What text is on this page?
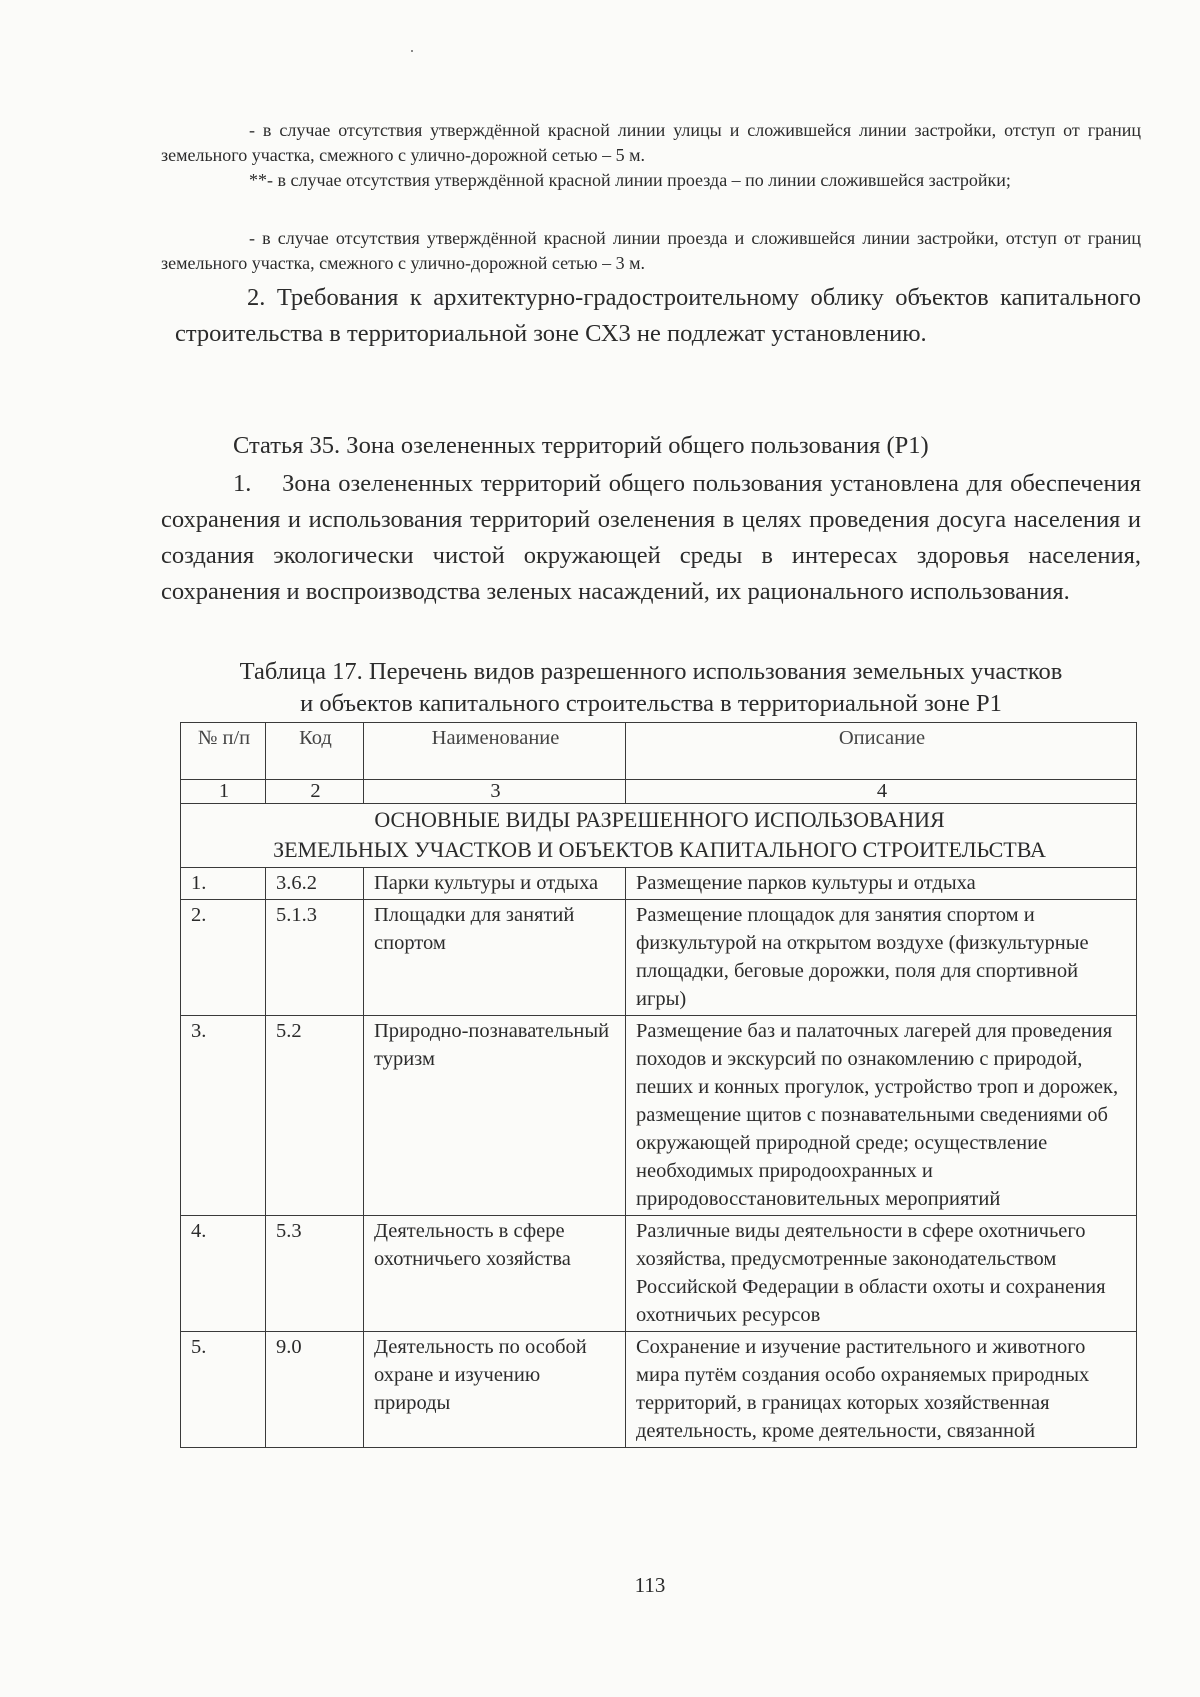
- в случае отсутствия утверждённой красной линии улицы и сложившейся линии застройки, отступ от границ земельного участка, смежного с улично-дорожной сетью – 5 м.

**- в случае отсутствия утверждённой красной линии проезда – по линии сложившейся застройки;

- в случае отсутствия утверждённой красной линии проезда и сложившейся линии застройки, отступ от границ земельного участка, смежного с улично-дорожной сетью – 3 м.

2. Требования к архитектурно-градостроительному облику объектов капитального строительства в территориальной зоне СХ3 не подлежат установлению.

Статья 35. Зона озелененных территорий общего пользования (Р1)

1.    Зона озелененных территорий общего пользования установлена для обеспечения сохранения и использования территорий озеленения в целях проведения досуга населения и создания экологически чистой окружающей среды в интересах здоровья населения, сохранения и воспроизводства зеленых насаждений, их рационального использования.

Таблица 17. Перечень видов разрешенного использования земельных участков
и объектов капитального строительства в территориальной зоне Р1
№ п/п	Код	Наименование	Описание
1	2	3	4

ОСНОВНЫЕ ВИДЫ РАЗРЕШЕННОГО ИСПОЛЬЗОВАНИЯ
ЗЕМЕЛЬНЫХ УЧАСТКОВ И ОБЪЕКТОВ КАПИТАЛЬНОГО СТРОИТЕЛЬСТВА			

1.	3.6.2	Парки культуры и отдыха	Размещение парков культуры и отдыха
2.	5.1.3	Площадки для занятий спортом	Размещение площадок для занятия спортом и физкультурой на открытом воздухе (физкультурные площадки, беговые дорожки, поля для спортивной игры)
3.	5.2	Природно-познавательный туризм	Размещение баз и палаточных лагерей для проведения походов и экскурсий по ознакомлению с природой, пеших и конных прогулок, устройство троп и дорожек, размещение щитов с познавательными сведениями об окружающей природной среде; осуществление необходимых природоохранных и природовосстановительных мероприятий
4.	5.3	Деятельность в сфере охотничьего хозяйства	Различные виды деятельности в сфере охотничьего хозяйства, предусмотренные законодательством Российской Федерации в области охоты и сохранения охотничьих ресурсов
5.	9.0	Деятельность по особой охране и изучению природы	Сохранение и изучение растительного и животного мира путём создания особо охраняемых природных территорий, в границах которых хозяйственная деятельность, кроме деятельности, связанной
113
